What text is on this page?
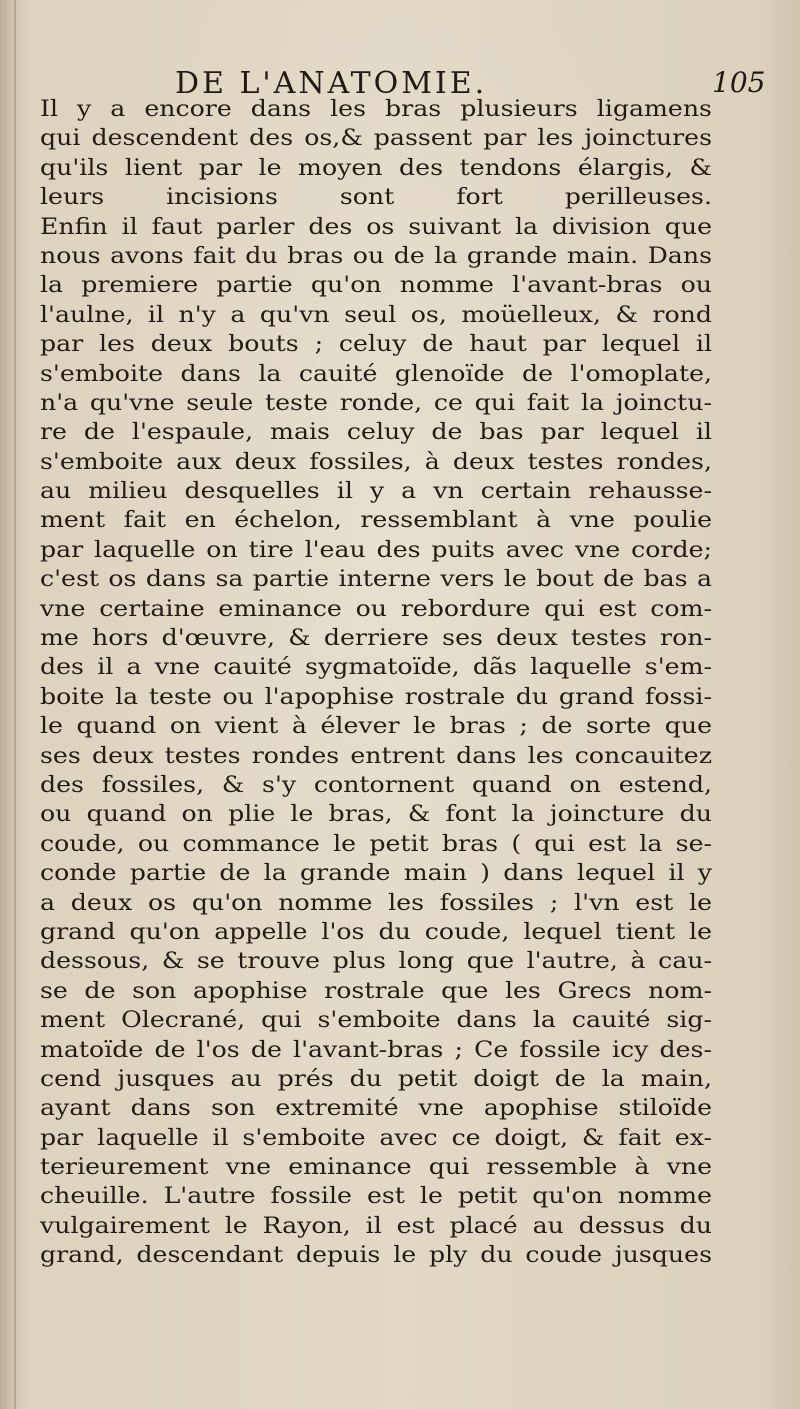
DE L'ANATOMIE.	105
Il y a encore dans les bras plusieurs ligamens
qui descendent des os,& passent par les joinctures
qu'ils lient par le moyen des tendons élargis, &
leurs incisions sont fort perilleuses.
Enfin il faut parler des os suivant la division que
nous avons fait du bras ou de la grande main. Dans
la premiere partie qu'on nomme l'avant-bras ou
l'aulne, il n'y a qu'vn seul os, moüelleux, & rond
par les deux bouts ; celuy de haut par lequel il
s'emboite dans la cauité glenoïde de l'omoplate,
n'a qu'vne seule teste ronde, ce qui fait la joinctu-
re de l'espaule, mais celuy de bas par lequel il
s'emboite aux deux fossiles, à deux testes rondes,
au milieu desquelles il y a vn certain rehausse-
ment fait en échelon, ressemblant à vne poulie
par laquelle on tire l'eau des puits avec vne corde;
c'est os dans sa partie interne vers le bout de bas a
vne certaine eminance ou rebordure qui est com-
me hors d'œuvre, & derriere ses deux testes ron-
des il a vne cauité sygmatoïde, dãs laquelle s'em-
boite la teste ou l'apophise rostrale du grand fossi-
le quand on vient à élever le bras ; de sorte que
ses deux testes rondes entrent dans les concauitez
des fossiles, & s'y contornent quand on estend,
ou quand on plie le bras, & font la joincture du
coude, ou commance le petit bras ( qui est la se-
conde partie de la grande main ) dans lequel il y
a deux os qu'on nomme les fossiles ; l'vn est le
grand qu'on appelle l'os du coude, lequel tient le
dessous, & se trouve plus long que l'autre, à cau-
se de son apophise rostrale que les Grecs nom-
ment Olecrané, qui s'emboite dans la cauité sig-
matoïde de l'os de l'avant-bras ; Ce fossile icy des-
cend jusques au prés du petit doigt de la main,
ayant dans son extremité vne apophise stiloïde
par laquelle il s'emboite avec ce doigt, & fait ex-
terieurement vne eminance qui ressemble à vne
cheuille. L'autre fossile est le petit qu'on nomme
vulgairement le Rayon, il est placé au dessus du
grand, descendant depuis le ply du coude jusques
